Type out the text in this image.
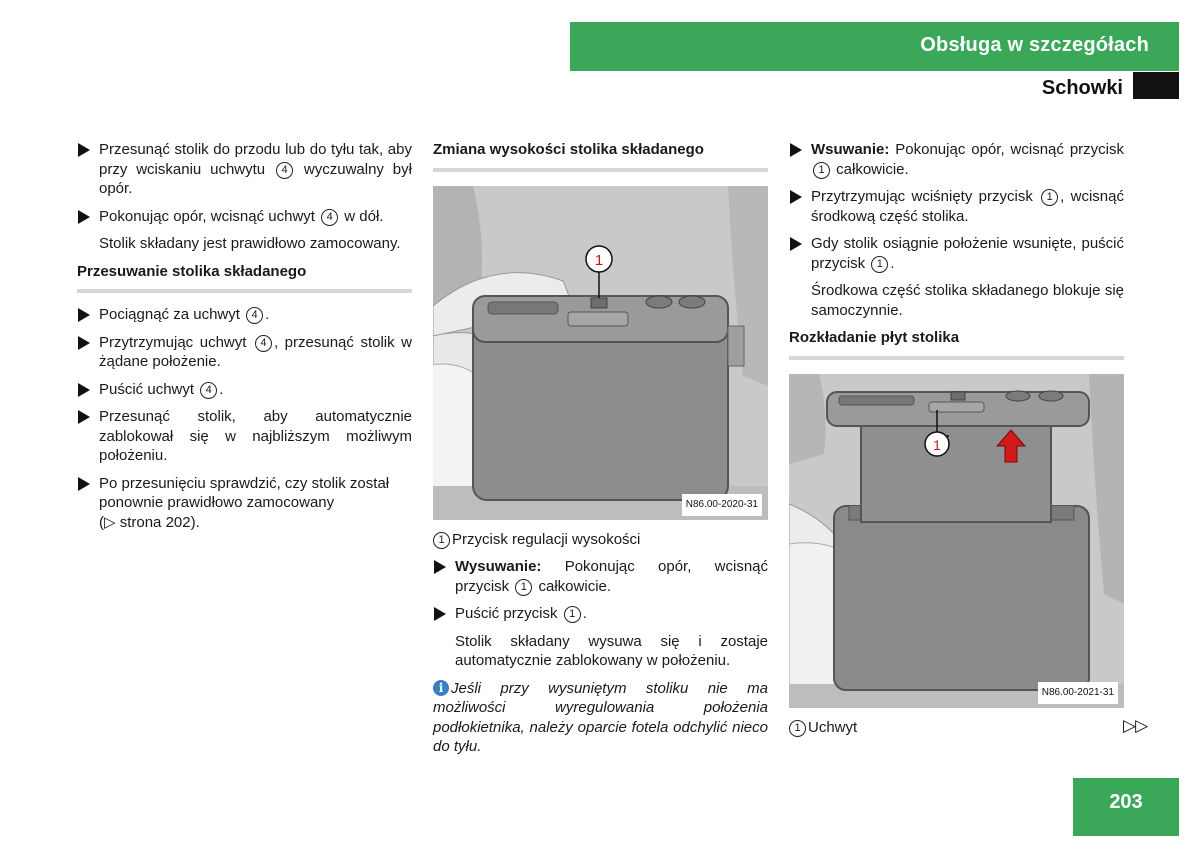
Obsługa w szczegółach
Schowki
Przesunąć stolik do przodu lub do tyłu tak, aby przy wciskaniu uchwytu 4 wyczuwalny był opór.
Pokonując opór, wcisnąć uchwyt 4 w dół.
Stolik składany jest prawidłowo zamocowany.
Przesuwanie stolika składanego
Pociągnąć za uchwyt 4 .
Przytrzymując uchwyt 4 , przesunąć stolik w żądane położenie.
Puścić uchwyt 4 .
Przesunąć stolik, aby automatycznie zablokował się w najbliższym możliwym położeniu.
Po przesunięciu sprawdzić, czy stolik został ponownie prawidłowo zamocowany
(▷ strona 202).
Zmiana wysokości stolika składanego
1
N86.00-2020-31
1 Przycisk regulacji wysokości
Wysuwanie: Pokonując opór, wcisnąć przycisk 1 całkowicie.
Puścić przycisk 1 .
Stolik składany wysuwa się i zostaje automatycznie zablokowany w położeniu.
i Jeśli przy wysuniętym stoliku nie ma możliwości wyregulowania położenia podłokietnika, należy oparcie fotela odchylić nieco do tyłu.
Wsuwanie: Pokonując opór, wcisnąć przycisk 1 całkowicie.
Przytrzymując wciśnięty przycisk 1 , wcisnąć środkową część stolika.
Gdy stolik osiągnie położenie wsunięte, puścić przycisk 1 .
Środkowa część stolika składanego blokuje się samoczynnie.
Rozkładanie płyt stolika
1
N86.00-2021-31
1 Uchwyt	▷▷
203
